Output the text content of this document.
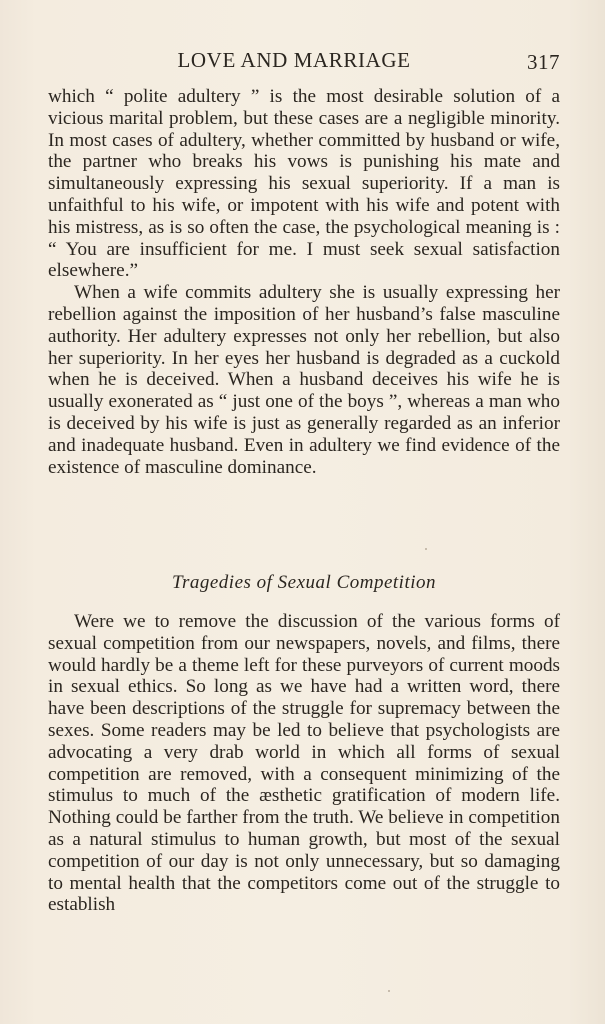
LOVE AND MARRIAGE	317

which “ polite adultery ” is the most desirable solution of a vicious marital problem, but these cases are a negligible minority. In most cases of adultery, whether committed by husband or wife, the partner who breaks his vows is punishing his mate and simultaneously expressing his sexual superiority. If a man is unfaithful to his wife, or impotent with his wife and potent with his mistress, as is so often the case, the psychological meaning is : “ You are insufficient for me. I must seek sexual satisfaction elsewhere.”

When a wife commits adultery she is usually expressing her rebellion against the imposition of her husband’s false masculine authority. Her adultery expresses not only her rebellion, but also her superiority. In her eyes her husband is degraded as a cuckold when he is deceived. When a husband deceives his wife he is usually exonerated as “ just one of the boys ”, whereas a man who is deceived by his wife is just as generally regarded as an inferior and inadequate husband. Even in adultery we find evidence of the existence of masculine dominance.

Tragedies of Sexual Competition

Were we to remove the discussion of the various forms of sexual competition from our newspapers, novels, and films, there would hardly be a theme left for these purveyors of current moods in sexual ethics. So long as we have had a written word, there have been descriptions of the struggle for supremacy between the sexes. Some readers may be led to believe that psychologists are advocating a very drab world in which all forms of sexual competition are removed, with a consequent minimizing of the stimulus to much of the æsthetic gratification of modern life. Nothing could be farther from the truth. We believe in competition as a natural stimulus to human growth, but most of the sexual competition of our day is not only unnecessary, but so damaging to mental health that the competitors come out of the struggle to establish
